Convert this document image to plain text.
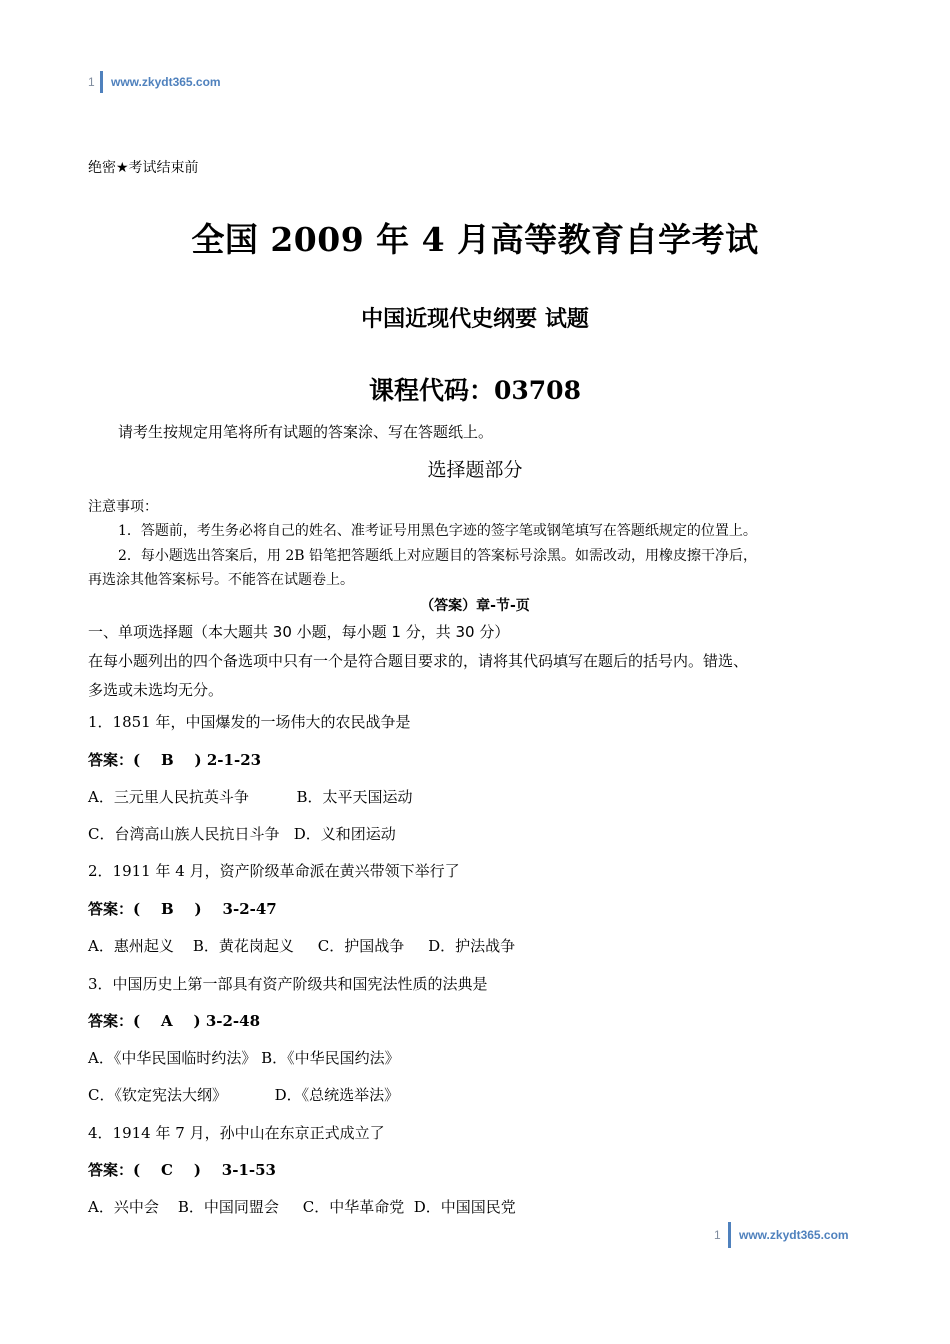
1 www.zkydt365.com
绝密★考试结束前
全国 2009 年 4 月高等教育自学考试
中国近现代史纲要 试题
课程代码：03708
请考生按规定用笔将所有试题的答案涂、写在答题纸上。
选择题部分
注意事项：
1．答题前，考生务必将自己的姓名、准考证号用黑色字迹的签字笔或钢笔填写在答题纸规定的位置上。
2．每小题选出答案后，用 2B 铅笔把答题纸上对应题目的答案标号涂黑。如需改动，用橡皮擦干净后，
再选涂其他答案标号。不能答在试题卷上。
（答案）章-节-页
一、单项选择题（本大题共 30 小题，每小题 1 分，共 30 分）
在每小题列出的四个备选项中只有一个是符合题目要求的，请将其代码填写在题后的括号内。错选、
多选或未选均无分。
1．1851 年，中国爆发的一场伟大的农民战争是
答案：(    B    ) 2-1-23
A．三元里人民抗英斗争          B．太平天国运动
C．台湾高山族人民抗日斗争   D．义和团运动
2．1911 年 4 月，资产阶级革命派在黄兴带领下举行了
答案：(    B    )    3-2-47
A．惠州起义    B．黄花岗起义     C．护国战争     D．护法战争
3．中国历史上第一部具有资产阶级共和国宪法性质的法典是
答案：(    A    ) 3-2-48
A．《中华民国临时约法》 B．《中华民国约法》
C．《钦定宪法大纲》          D．《总统选举法》
4．1914 年 7 月，孙中山在东京正式成立了
答案：(    C    )    3-1-53
A．兴中会    B．中国同盟会     C．中华革命党  D．中国国民党
1 www.zkydt365.com
